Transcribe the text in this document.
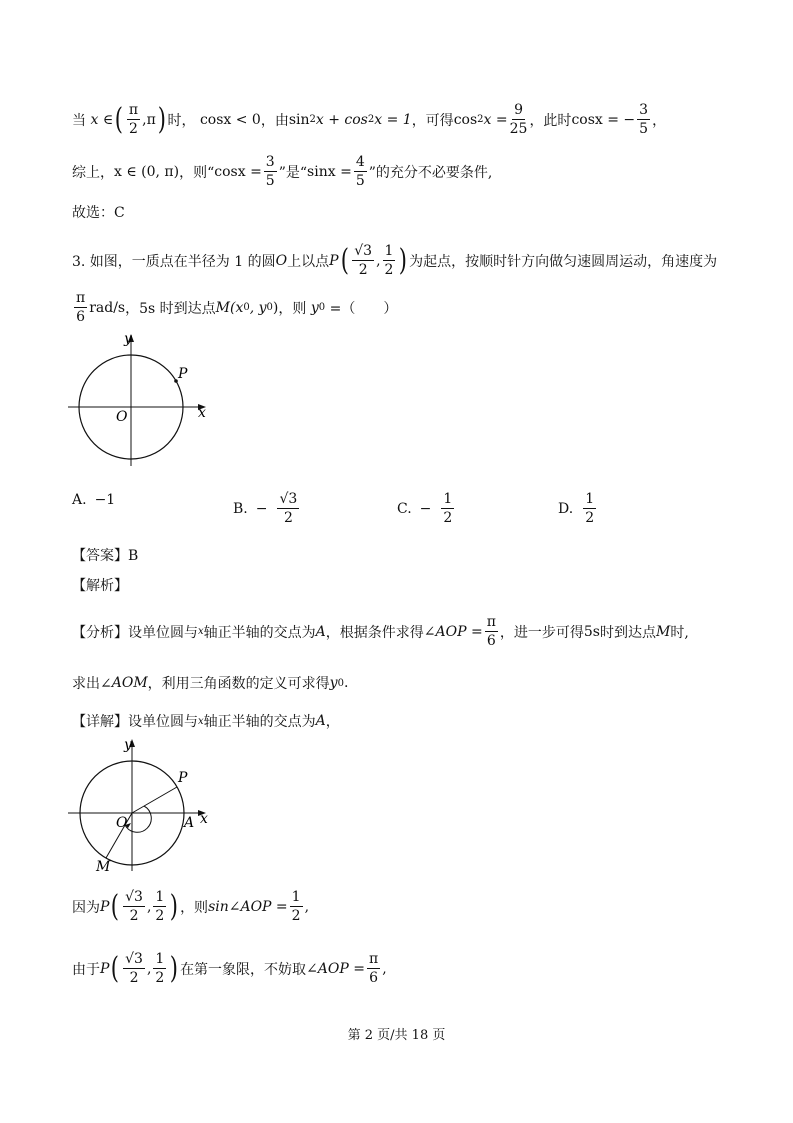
当
x
∈ ( $\frac{\pi}{2}$ , π ) 时，
cosx < 0 ，由 sin 2 x + cos 2 x = 1 ，可得 cos 2 $x = \frac{9}{25}$ ，此时 cosx = − $\frac{3}{5}$ ，
综上， x ∈ (0, π) ，则“ $\cos x = \frac{3}{5}$ ”是“ $\sin x = \frac{4}{5}$ ”的充分不必要条件,
故选：C
3. 如图，一质点在半径为 1 的圆 O 上以点 P ( $\frac{√3}{2}$ , $\frac{1}{2}$ ) 为起点，按顺时针方向做匀速圆周运动，角速度为
$\frac{\pi}{6} rad/s$ ，5s 时到达点 M (x 0 , y 0 ) ，则
y 0
=（　　）
y
x
O
P
A. −1
B. − $\frac{√3}{2}$	C. − $\frac{1}{2}$	D. $\frac{1}{2}$
【答案】B
【解析】
【分析】设单位圆与 x 轴正半轴的交点为 A ，根据条件求得 ∠AOP = $\frac{\pi}{6}$ ，进一步可得 5s 时到达点 M 时,
求出∠ AOM ，利用三角函数的定义可求得 y 0 .
【详解】设单位圆与 x 轴正半轴的交点为 A ，
y
x
O
P
A
M
因为 P ( $\frac{√3}{2}$ , $\frac{1}{2}$ ) ，则 sin∠AOP = $\frac{1}{2}$ ,
由于 P ( $\frac{√3}{2}$ , $\frac{1}{2}$ ) 在第一象限，不妨取 ∠AOP = $\frac{\pi}{6}$ ,
第 2 页/共 18 页
